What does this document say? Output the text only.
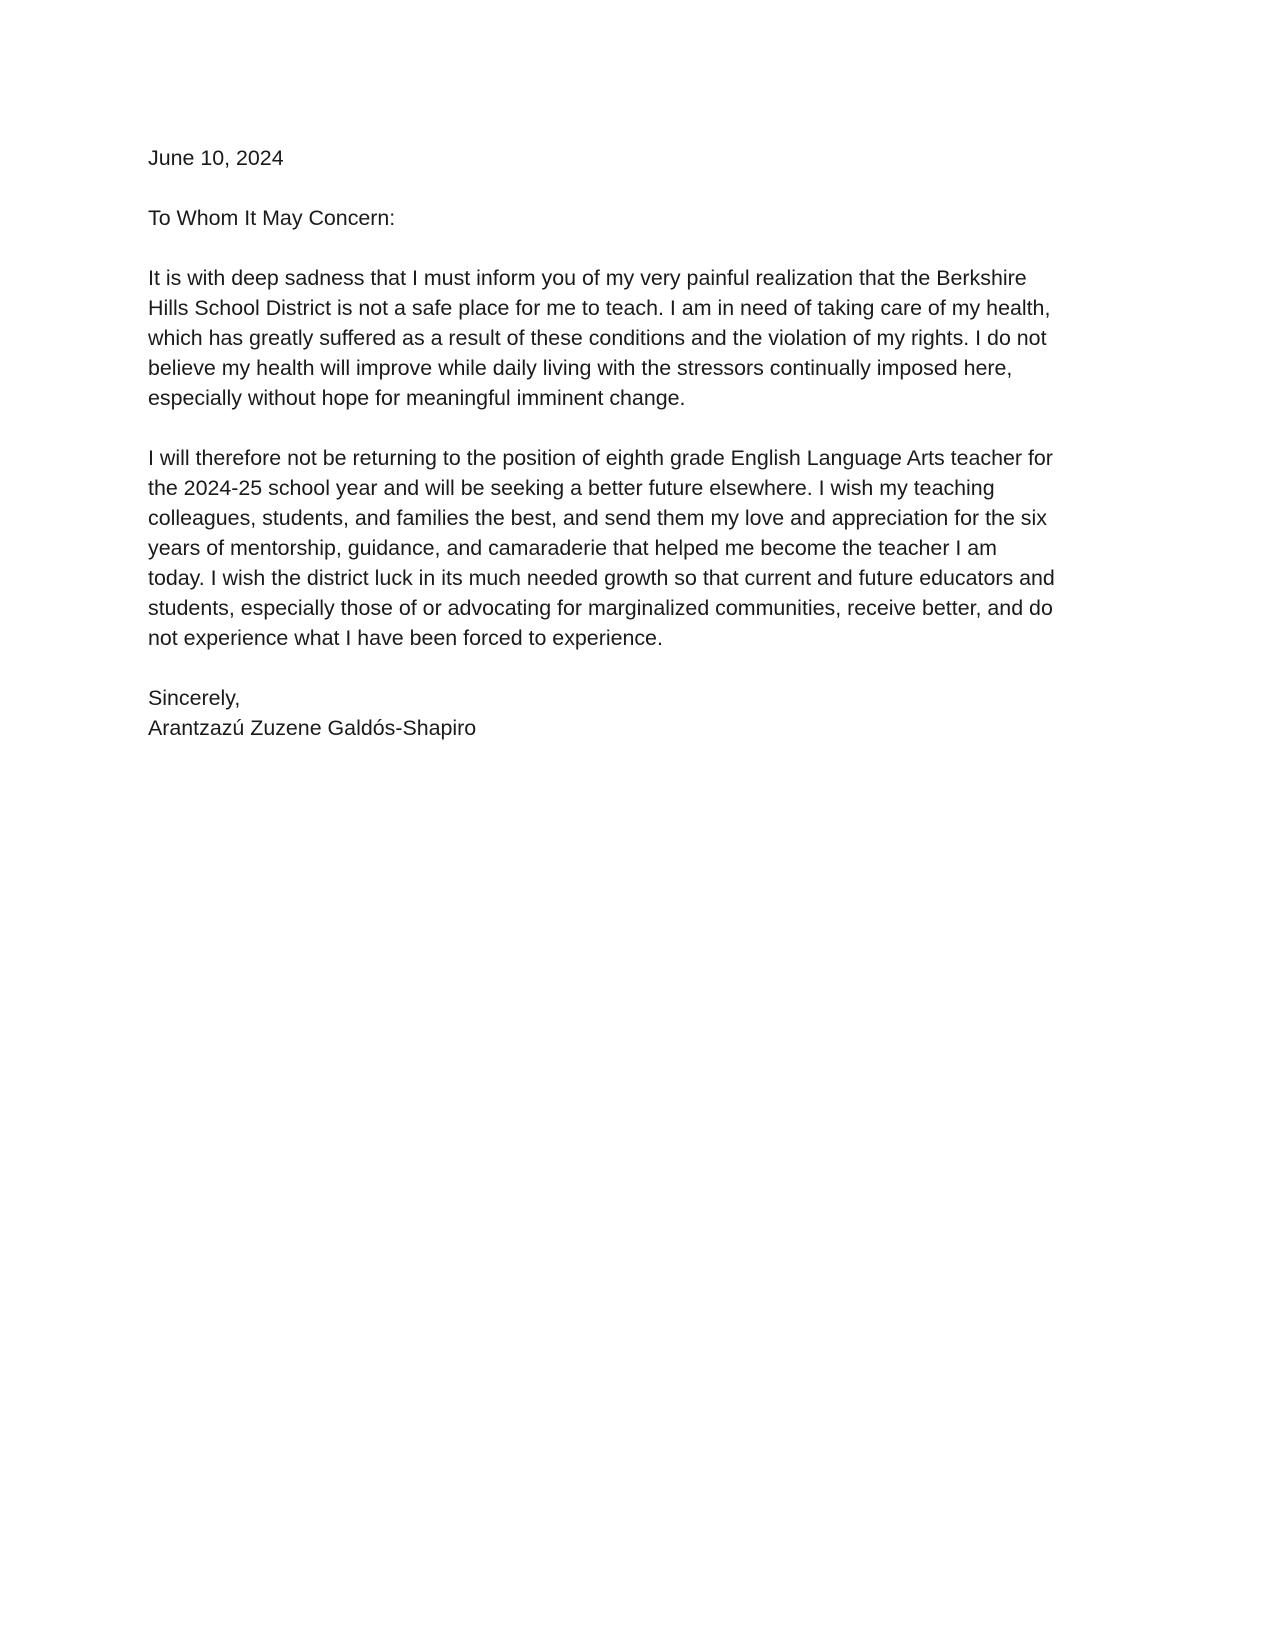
June 10, 2024

To Whom It May Concern:

It is with deep sadness that I must inform you of my very painful realization that the Berkshire
Hills School District is not a safe place for me to teach. I am in need of taking care of my health,
which has greatly suffered as a result of these conditions and the violation of my rights. I do not
believe my health will improve while daily living with the stressors continually imposed here,
especially without hope for meaningful imminent change.
I will therefore not be returning to the position of eighth grade English Language Arts teacher for
the 2024-25 school year and will be seeking a better future elsewhere. I wish my teaching
colleagues, students, and families the best, and send them my love and appreciation for the six
years of mentorship, guidance, and camaraderie that helped me become the teacher I am
today. I wish the district luck in its much needed growth so that current and future educators and
students, especially those of or advocating for marginalized communities, receive better, and do
not experience what I have been forced to experience.

Sincerely,

Arantzazú Zuzene Galdós-Shapiro
